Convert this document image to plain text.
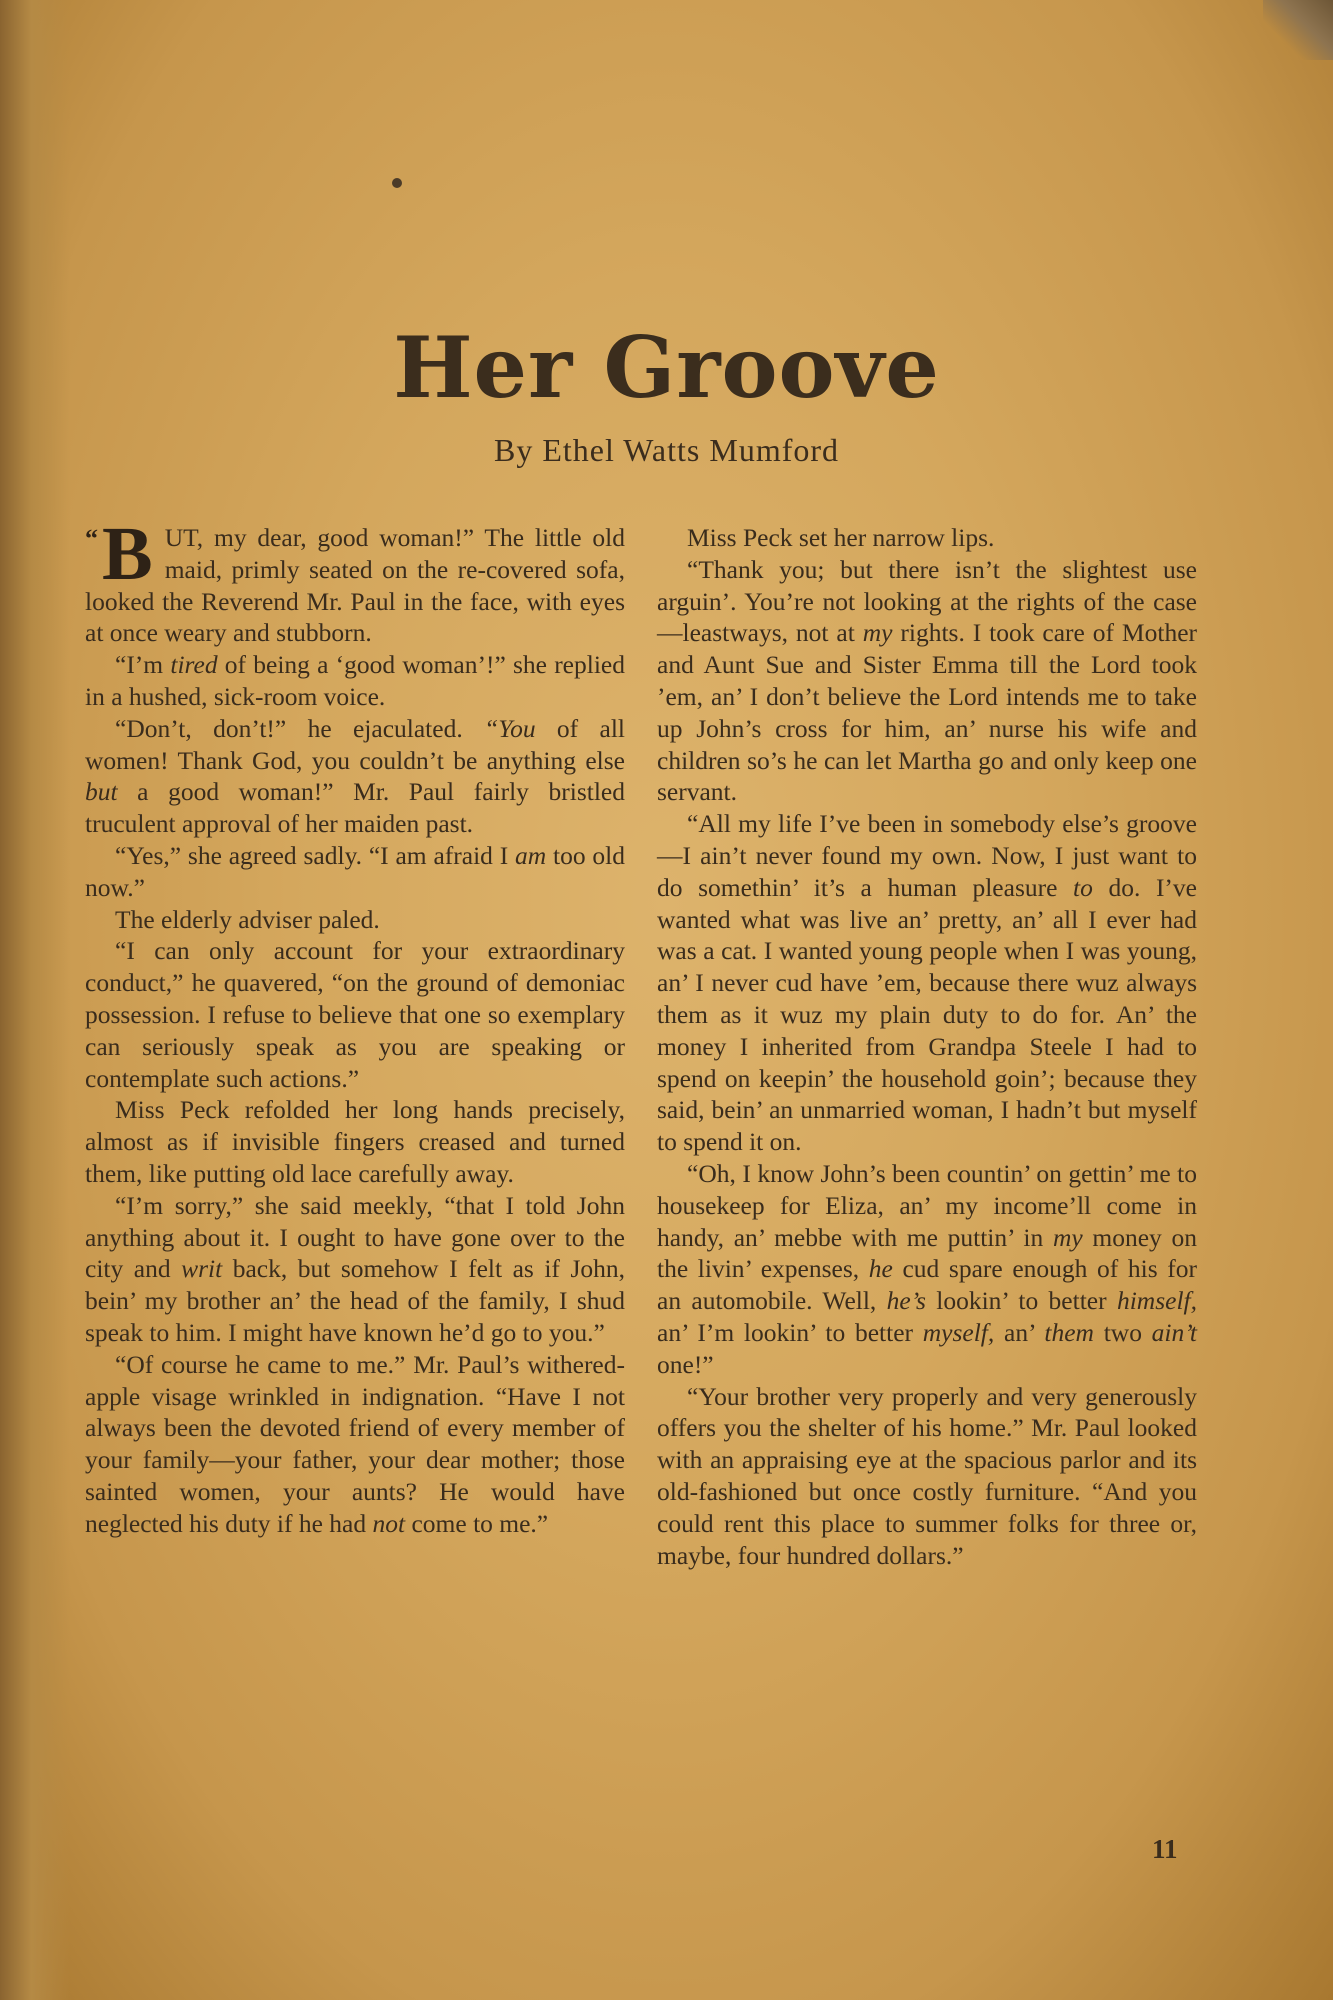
Her Groove
By Ethel Watts Mumford

“B UT, my dear, good woman!” The little old maid, primly seated on the re-covered sofa, looked the Reverend Mr. Paul in the face, with eyes at once weary and stubborn.

“I’m tired of being a ‘good woman’!” she replied in a hushed, sick-room voice.

“Don’t, don’t!” he ejaculated. “You of all women! Thank God, you couldn’t be anything else but a good woman!” Mr. Paul fairly bristled truculent approval of her maiden past.

“Yes,” she agreed sadly. “I am afraid I am too old now.”

The elderly adviser paled.

“I can only account for your extraordinary conduct,” he quavered, “on the ground of demoniac possession. I refuse to believe that one so exemplary can seriously speak as you are speaking or contemplate such actions.”

Miss Peck refolded her long hands precisely, almost as if invisible fingers creased and turned them, like putting old lace carefully away.

“I’m sorry,” she said meekly, “that I told John anything about it. I ought to have gone over to the city and writ back, but somehow I felt as if John, bein’ my brother an’ the head of the family, I shud speak to him. I might have known he’d go to you.”

“Of course he came to me.” Mr. Paul’s withered-apple visage wrinkled in indignation. “Have I not always been the devoted friend of every member of your family—your father, your dear mother; those sainted women, your aunts? He would have neglected his duty if he had not come to me.”

Miss Peck set her narrow lips.

“Thank you; but there isn’t the slightest use arguin’. You’re not looking at the rights of the case—leastways, not at my rights. I took care of Mother and Aunt Sue and Sister Emma till the Lord took ’em, an’ I don’t believe the Lord intends me to take up John’s cross for him, an’ nurse his wife and children so’s he can let Martha go and only keep one servant.

“All my life I’ve been in somebody else’s groove—I ain’t never found my own. Now, I just want to do somethin’ it’s a human pleasure to do. I’ve wanted what was live an’ pretty, an’ all I ever had was a cat. I wanted young people when I was young, an’ I never cud have ’em, because there wuz always them as it wuz my plain duty to do for. An’ the money I inherited from Grandpa Steele I had to spend on keepin’ the household goin’; because they said, bein’ an unmarried woman, I hadn’t but myself to spend it on.

“Oh, I know John’s been countin’ on gettin’ me to housekeep for Eliza, an’ my income’ll come in handy, an’ mebbe with me puttin’ in my money on the livin’ expenses, he cud spare enough of his for an automobile. Well, he’s lookin’ to better himself, an’ I’m lookin’ to better myself, an’ them two ain’t one!”

“Your brother very properly and very generously offers you the shelter of his home.” Mr. Paul looked with an appraising eye at the spacious parlor and its old-fashioned but once costly furniture. “And you could rent this place to summer folks for three or, maybe, four hundred dollars.”

11
